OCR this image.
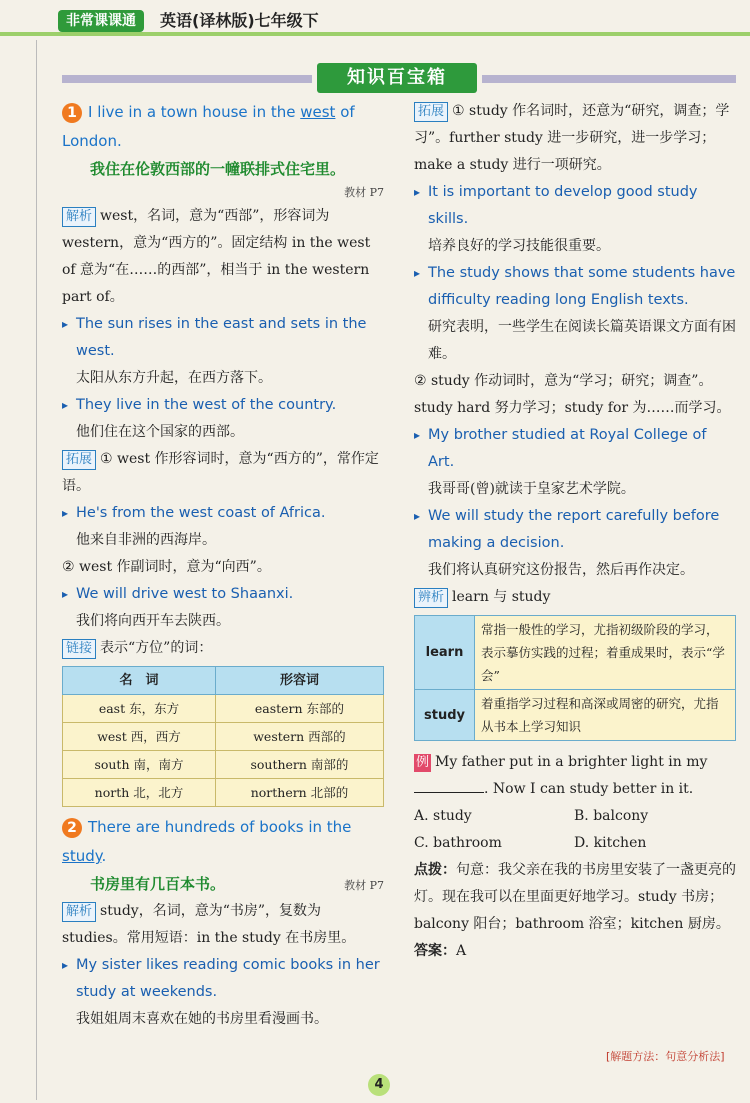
非常课课通	英语(译林版)七年级下
知识百宝箱
1 I live in a town house in the west of London.
我住在伦敦西部的一幢联排式住宅里。
教材 P7
解析 west，名词，意为“西部”，形容词为 western，意为“西方的”。固定结构 in the west of 意为“在……的西部”，相当于 in the western part of。
▸ The sun rises in the east and sets in the west.
太阳从东方升起，在西方落下。
▸ They live in the west of the country.
他们住在这个国家的西部。
拓展 ① west 作形容词时，意为“西方的”，常作定语。
▸ He's from the west coast of Africa.
他来自非洲的西海岸。
② west 作副词时，意为“向西”。
▸ We will drive west to Shaanxi.
我们将向西开车去陕西。
链接 表示“方位”的词：
名　词	形容词
east 东，东方	eastern 东部的
west 西，西方	western 西部的
south 南，南方	southern 南部的
north 北，北方	northern 北部的
2 There are hundreds of books in the study.
书房里有几百本书。	教材 P7
解析 study，名词，意为“书房”，复数为 studies。常用短语：in the study 在书房里。
▸ My sister likes reading comic books in her study at weekends.
我姐姐周末喜欢在她的书房里看漫画书。
拓展 ① study 作名词时，还意为“研究，调查；学习”。further study 进一步研究，进一步学习；make a study 进行一项研究。
▸ It is important to develop good study skills.
培养良好的学习技能很重要。
▸ The study shows that some students have difficulty reading long English texts.
研究表明，一些学生在阅读长篇英语课文方面有困难。
② study 作动词时，意为“学习；研究；调查”。study hard 努力学习；study for 为……而学习。
▸ My brother studied at Royal College of Art.
我哥哥(曾)就读于皇家艺术学院。
▸ We will study the report carefully before making a decision.
我们将认真研究这份报告，然后再作决定。
辨析 learn 与 study
learn	常指一般性的学习，尤指初级阶段的学习，表示摹仿实践的过程；着重成果时，表示“学会”
study	着重指学习过程和高深或周密的研究，尤指从书本上学习知识
例 My father put in a brighter light in my. Now I can study better in it.
A. study	B. balcony
C. bathroom	D. kitchen
点拨：句意：我父亲在我的书房里安装了一盏更亮的灯。现在我可以在里面更好地学习。study 书房；balcony 阳台；bathroom 浴室；kitchen 厨房。
答案：A
[解题方法：句意分析法]
4
